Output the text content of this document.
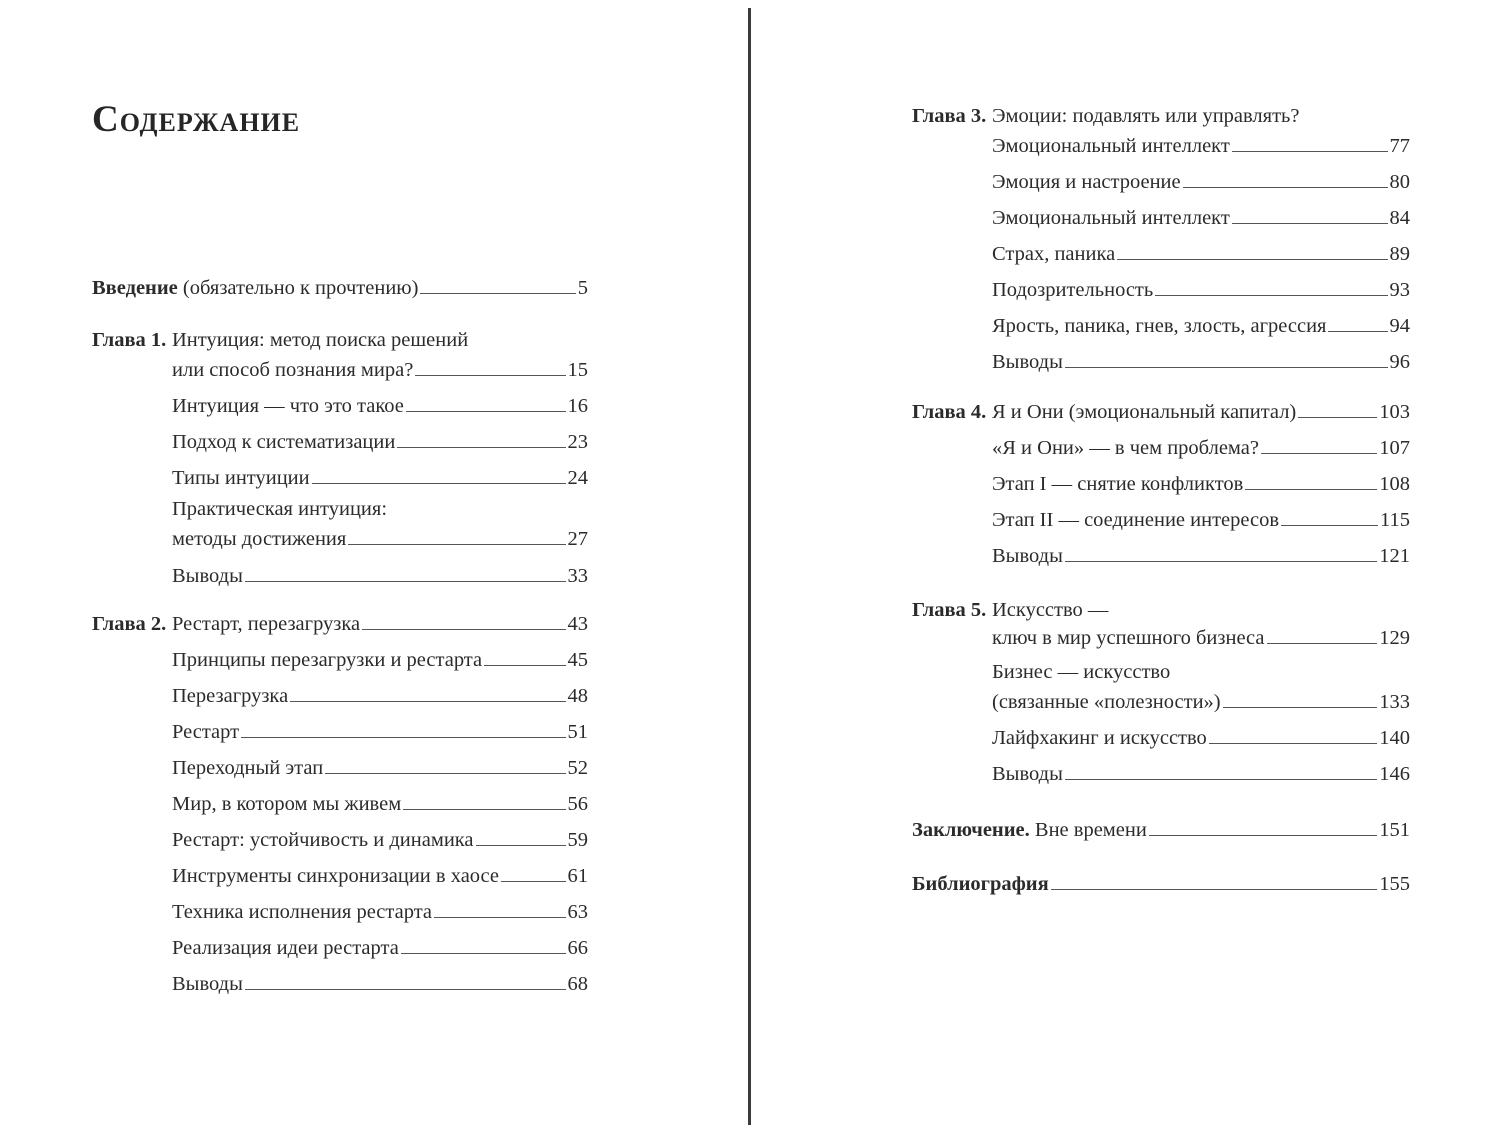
Содержание
Введение (обязательно к прочтению)	5
Глава 1. Интуиция: метод поиска решений
или способ познания мира?	15
Интуиция — что это такое	16
Подход к систематизации	23
Типы интуиции	24
Практическая интуиция:
методы достижения	27
Выводы	33
Глава 2. Рестарт, перезагрузка	43
Принципы перезагрузки и рестарта	45
Перезагрузка	48
Рестарт	51
Переходный этап	52
Мир, в котором мы живем	56
Рестарт: устойчивость и динамика	59
Инструменты синхронизации в хаосе	61
Техника исполнения рестарта	63
Реализация идеи рестарта	66
Выводы	68
Глава 3. Эмоции: подавлять или управлять?
Эмоциональный интеллект	77
Эмоция и настроение	80
Эмоциональный интеллект	84
Страх, паника	89
Подозрительность	93
Ярость, паника, гнев, злость, агрессия	94
Выводы	96
Глава 4. Я и Они (эмоциональный капитал)	103
«Я и Они» — в чем проблема?	107
Этап I — снятие конфликтов	108
Этап II — соединение интересов	115
Выводы	121
Глава 5. Искусство —
ключ в мир успешного бизнеса	129
Бизнес — искусство
(связанные «полезности»)	133
Лайфхакинг и искусство	140
Выводы	146
Заключение. Вне времени	151
Библиография	155
